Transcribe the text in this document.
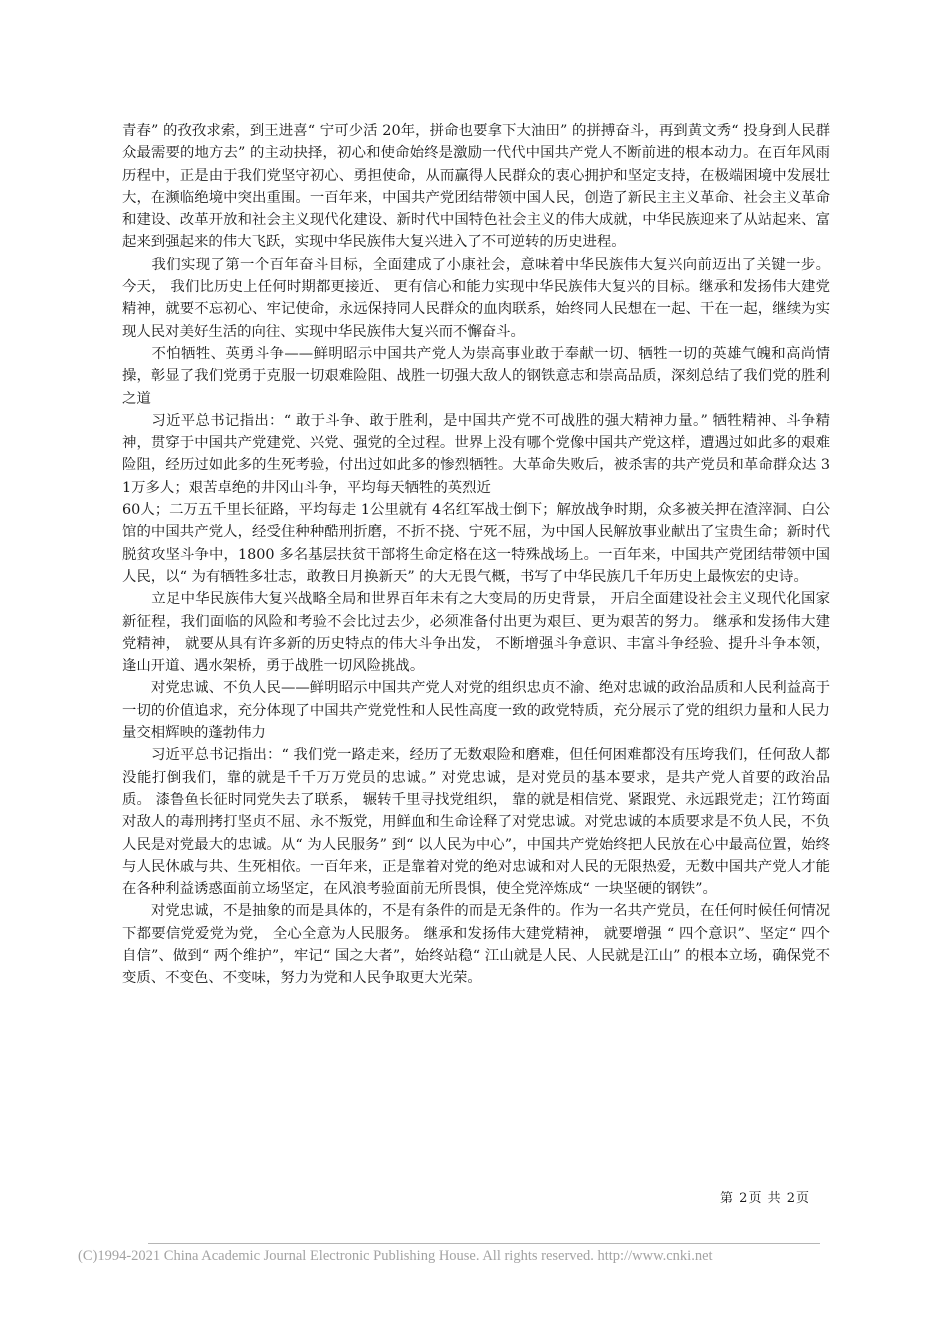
青春” 的孜孜求索，到王进喜“ 宁可少活 20年，拼命也要拿下大油田” 的拼搏奋斗，再到黄文秀“ 投身到人民群众最需要的地方去” 的主动抉择，初心和使命始终是激励一代代中国共产党人不断前进的根本动力。在百年风雨历程中，正是由于我们党坚守初心、勇担使命，从而赢得人民群众的衷心拥护和坚定支持，在极端困境中发展壮大，在濒临绝境中突出重围。一百年来，中国共产党团结带领中国人民，创造了新民主主义革命、社会主义革命和建设、改革开放和社会主义现代化建设、新时代中国特色社会主义的伟大成就，中华民族迎来了从站起来、富起来到强起来的伟大飞跃，实现中华民族伟大复兴进入了不可逆转的历史进程。

　　我们实现了第一个百年奋斗目标，全面建成了小康社会，意味着中华民族伟大复兴向前迈出了关键一步。 今天， 我们比历史上任何时期都更接近、 更有信心和能力实现中华民族伟大复兴的目标。继承和发扬伟大建党精神，就要不忘初心、牢记使命，永远保持同人民群众的血肉联系，始终同人民想在一起、干在一起，继续为实现人民对美好生活的向往、实现中华民族伟大复兴而不懈奋斗。

　　不怕牺牲、英勇斗争——鲜明昭示中国共产党人为崇高事业敢于奉献一切、牺牲一切的英雄气魄和高尚情操，彰显了我们党勇于克服一切艰难险阻、战胜一切强大敌人的钢铁意志和崇高品质，深刻总结了我们党的胜利之道

　　习近平总书记指出：“ 敢于斗争、敢于胜利，是中国共产党不可战胜的强大精神力量。” 牺牲精神、斗争精神，贯穿于中国共产党建党、兴党、强党的全过程。世界上没有哪个党像中国共产党这样，遭遇过如此多的艰难险阻，经历过如此多的生死考验，付出过如此多的惨烈牺牲。大革命失败后，被杀害的共产党员和革命群众达 31万多人；艰苦卓绝的井冈山斗争，平均每天牺牲的英烈近

60人；二万五千里长征路，平均每走 1公里就有 4名红军战士倒下；解放战争时期，众多被关押在渣滓洞、白公馆的中国共产党人，经受住种种酷刑折磨，不折不挠、宁死不屈，为中国人民解放事业献出了宝贵生命；新时代脱贫攻坚斗争中，1800 多名基层扶贫干部将生命定格在这一特殊战场上。一百年来，中国共产党团结带领中国人民，以“ 为有牺牲多壮志，敢教日月换新天” 的大无畏气概，书写了中华民族几千年历史上最恢宏的史诗。

　　立足中华民族伟大复兴战略全局和世界百年未有之大变局的历史背景， 开启全面建设社会主义现代化国家新征程，我们面临的风险和考验不会比过去少，必须准备付出更为艰巨、更为艰苦的努力。 继承和发扬伟大建党精神， 就要从具有许多新的历史特点的伟大斗争出发， 不断增强斗争意识、丰富斗争经验、提升斗争本领，逢山开道、遇水架桥，勇于战胜一切风险挑战。

　　对党忠诚、不负人民——鲜明昭示中国共产党人对党的组织忠贞不渝、绝对忠诚的政治品质和人民利益高于一切的价值追求，充分体现了中国共产党党性和人民性高度一致的政党特质，充分展示了党的组织力量和人民力量交相辉映的蓬勃伟力

　　习近平总书记指出：“ 我们党一路走来，经历了无数艰险和磨难，但任何困难都没有压垮我们，任何敌人都没能打倒我们，靠的就是千千万万党员的忠诚。” 对党忠诚，是对党员的基本要求，是共产党人首要的政治品质。 漆鲁鱼长征时同党失去了联系， 辗转千里寻找党组织， 靠的就是相信党、紧跟党、永远跟党走；江竹筠面对敌人的毒刑拷打坚贞不屈、永不叛党，用鲜血和生命诠释了对党忠诚。对党忠诚的本质要求是不负人民，不负人民是对党最大的忠诚。从“ 为人民服务” 到“ 以人民为中心”，中国共产党始终把人民放在心中最高位置，始终与人民休戚与共、生死相依。一百年来，正是靠着对党的绝对忠诚和对人民的无限热爱，无数中国共产党人才能在各种利益诱惑面前立场坚定，在风浪考验面前无所畏惧，使全党淬炼成“ 一块坚硬的钢铁”。

　　对党忠诚，不是抽象的而是具体的，不是有条件的而是无条件的。作为一名共产党员，在任何时候任何情况下都要信党爱党为党， 全心全意为人民服务。 继承和发扬伟大建党精神， 就要增强 “ 四个意识”、坚定“ 四个自信”、做到“ 两个维护”，牢记“ 国之大者”，始终站稳“ 江山就是人民、人民就是江山” 的根本立场，确保党不变质、不变色、不变味，努力为党和人民争取更大光荣。

第 2页 共 2页
(C)1994-2021 China Academic Journal Electronic Publishing House. All rights reserved. http://www.cnki.net
